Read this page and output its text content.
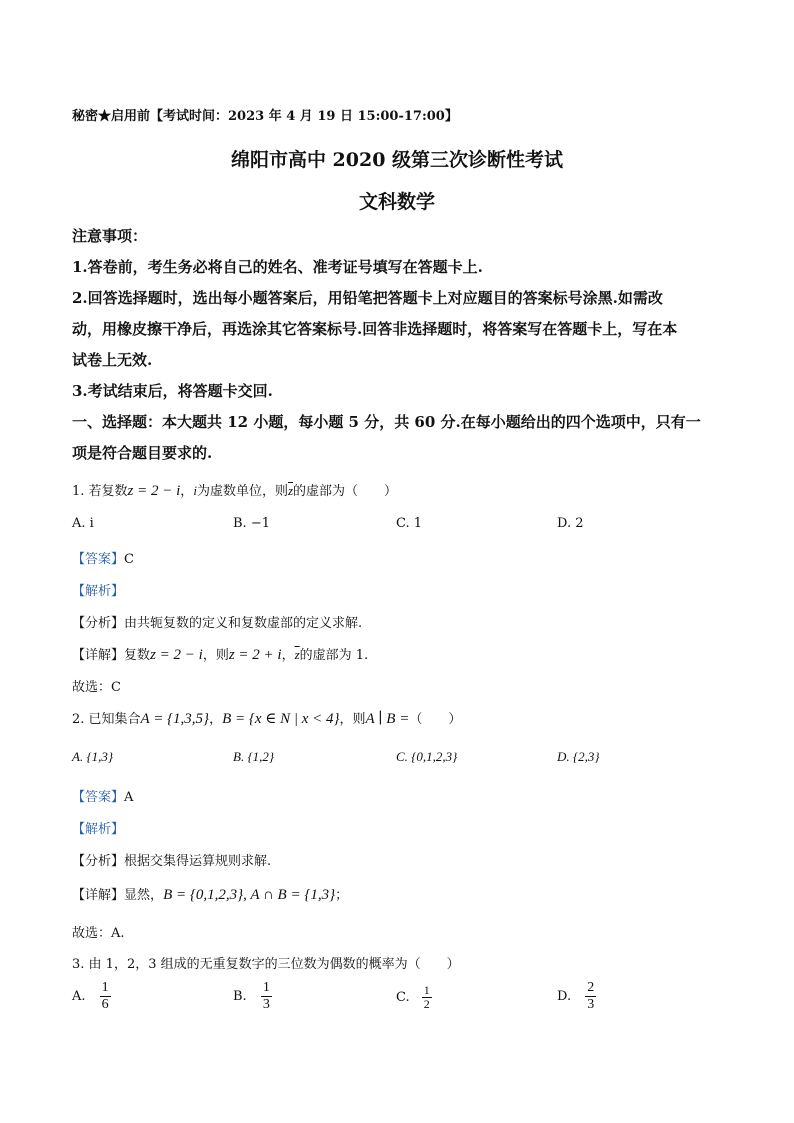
秘密★启用前【考试时间：2023 年 4 月 19 日 15:00-17:00】
绵阳市高中 2020 级第三次诊断性考试
文科数学
注意事项：
1.答卷前，考生务必将自己的姓名、准考证号填写在答题卡上.
2.回答选择题时，选出每小题答案后，用铅笔把答题卡上对应题目的答案标号涂黑.如需改
动，用橡皮擦干净后，再选涂其它答案标号.回答非选择题时，将答案写在答题卡上，写在本
试卷上无效.
3.考试结束后，将答题卡交回.
一、选择题：本大题共 12 小题，每小题 5 分，共 60 分.在每小题给出的四个选项中，只有一
项是符合题目要求的.
1. 若复数z = 2 − i，i为虚数单位，则$\overline{z}$的虚部为（　　）
A. i	B. −1	C. 1	D. 2
【答案】C
【解析】
【分析】由共轭复数的定义和复数虚部的定义求解.
【详解】复数z = 2 − i，则z = 2 + i，$\overline{z}$的虚部为 1.
故选：C
2. 已知集合A = {1,3,5}，B = {x ∈ N | x < 4}，则A ∣ B =（　　）
A. {1,3}	B. {1,2}	C. {0,1,2,3}	D. {2,3}
【答案】A
【解析】
【分析】根据交集得运算规则求解.
【详解】显然，B = {0,1,2,3}, A ∩ B = {1,3}；
故选：A.
3. 由 1，2，3 组成的无重复数字的三位数为偶数的概率为（　　）
A. $\frac{1}{6}$	B. $\frac{1}{3}$	C. $\frac{1}{2}$	D. $\frac{2}{3}$
